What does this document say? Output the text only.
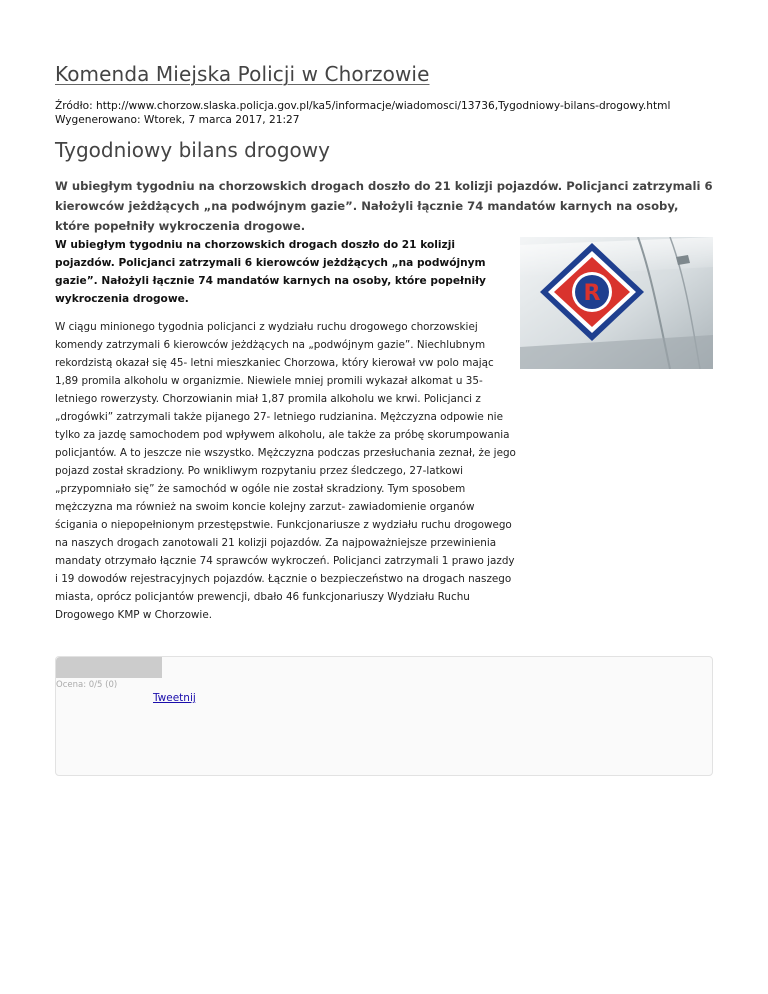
Komenda Miejska Policji w Chorzowie
Źródło: http://www.chorzow.slaska.policja.gov.pl/ka5/informacje/wiadomosci/13736,Tygodniowy-bilans-drogowy.html
Wygenerowano: Wtorek, 7 marca 2017, 21:27
Tygodniowy bilans drogowy

W ubiegłym tygodniu na chorzowskich drogach doszło do 21 kolizji pojazdów. Policjanci zatrzymali 6 kierowców jeżdżących „na podwójnym gazie”. Nałożyli łącznie 74 mandatów karnych na osoby, które popełniły wykroczenia drogowe.

W ubiegłym tygodniu na chorzowskich drogach doszło do 21 kolizji pojazdów. Policjanci zatrzymali 6 kierowców jeżdżących „na podwójnym gazie”. Nałożyli łącznie 74 mandatów karnych na osoby, które popełniły wykroczenia drogowe.	R

W ciągu minionego tygodnia policjanci z wydziału ruchu drogowego chorzowskiej komendy zatrzymali 6 kierowców jeżdżących na „podwójnym gazie”. Niechlubnym rekordzistą okazał się 45- letni mieszkaniec Chorzowa, który kierował vw polo mając 1,89 promila alkoholu w organizmie. Niewiele mniej promili wykazał alkomat u 35-letniego rowerzysty. Chorzowianin miał 1,87 promila alkoholu we krwi. Policjanci z „drogówki” zatrzymali także pijanego 27- letniego rudzianina. Mężczyzna odpowie nie tylko za jazdę samochodem pod wpływem alkoholu, ale także za próbę skorumpowania policjantów. A to jeszcze nie wszystko. Mężczyzna podczas przesłuchania zeznał, że jego pojazd został skradziony. Po wnikliwym rozpytaniu przez śledczego, 27-latkowi „przypomniało się” że samochód w ogóle nie został skradziony. Tym sposobem mężczyzna ma również na swoim koncie kolejny zarzut- zawiadomienie organów ścigania o niepopełnionym przestępstwie. Funkcjonariusze z wydziału ruchu drogowego na naszych drogach zanotowali 21 kolizji pojazdów. Za najpoważniejsze przewinienia mandaty otrzymało łącznie 74 sprawców wykroczeń. Policjanci zatrzymali 1 prawo jazdy i 19 dowodów rejestracyjnych pojazdów. Łącznie o bezpieczeństwo na drogach naszego miasta, oprócz policjantów prewencji, dbało 46 funkcjonariuszy Wydziału Ruchu Drogowego KMP w Chorzowie.

Ocena: 0/5 (0)
Tweetnij
